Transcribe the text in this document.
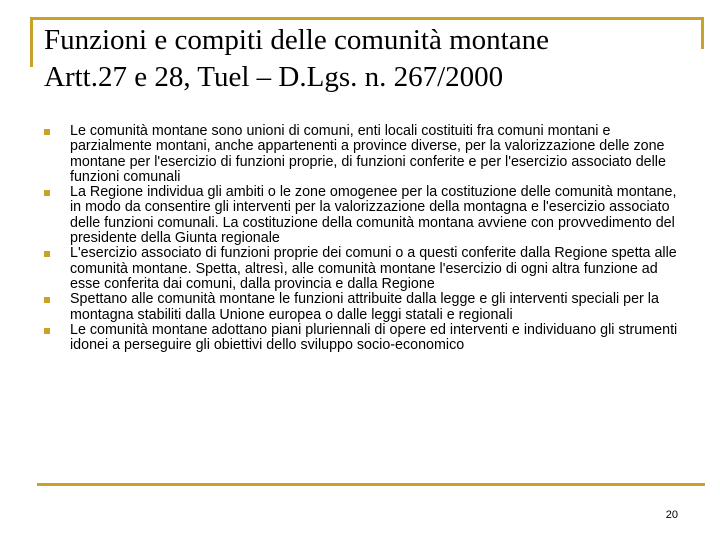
Funzioni e compiti delle comunità montane
Artt.27 e 28, Tuel – D.Lgs. n. 267/2000
Le comunità montane sono unioni di comuni, enti locali costituiti fra comuni montani e parzialmente montani, anche appartenenti a province diverse, per la valorizzazione delle zone montane per l'esercizio di funzioni proprie, di funzioni conferite e per l'esercizio associato delle funzioni comunali
La Regione individua gli ambiti o le zone omogenee per la costituzione delle comunità montane, in modo da consentire gli interventi per la valorizzazione della montagna e l'esercizio associato delle funzioni comunali. La costituzione della comunità montana avviene con provvedimento del presidente della Giunta regionale
L'esercizio associato di funzioni proprie dei comuni o a questi conferite dalla Regione spetta alle comunità montane. Spetta, altresì, alle comunità montane l'esercizio di ogni altra funzione ad esse conferita dai comuni, dalla provincia e dalla Regione
Spettano alle comunità montane le funzioni attribuite dalla legge e gli interventi speciali per la montagna stabiliti dalla Unione europea o dalle leggi statali e regionali
Le comunità montane adottano piani pluriennali di opere ed interventi e individuano gli strumenti idonei a perseguire gli obiettivi dello sviluppo socio-economico
20
